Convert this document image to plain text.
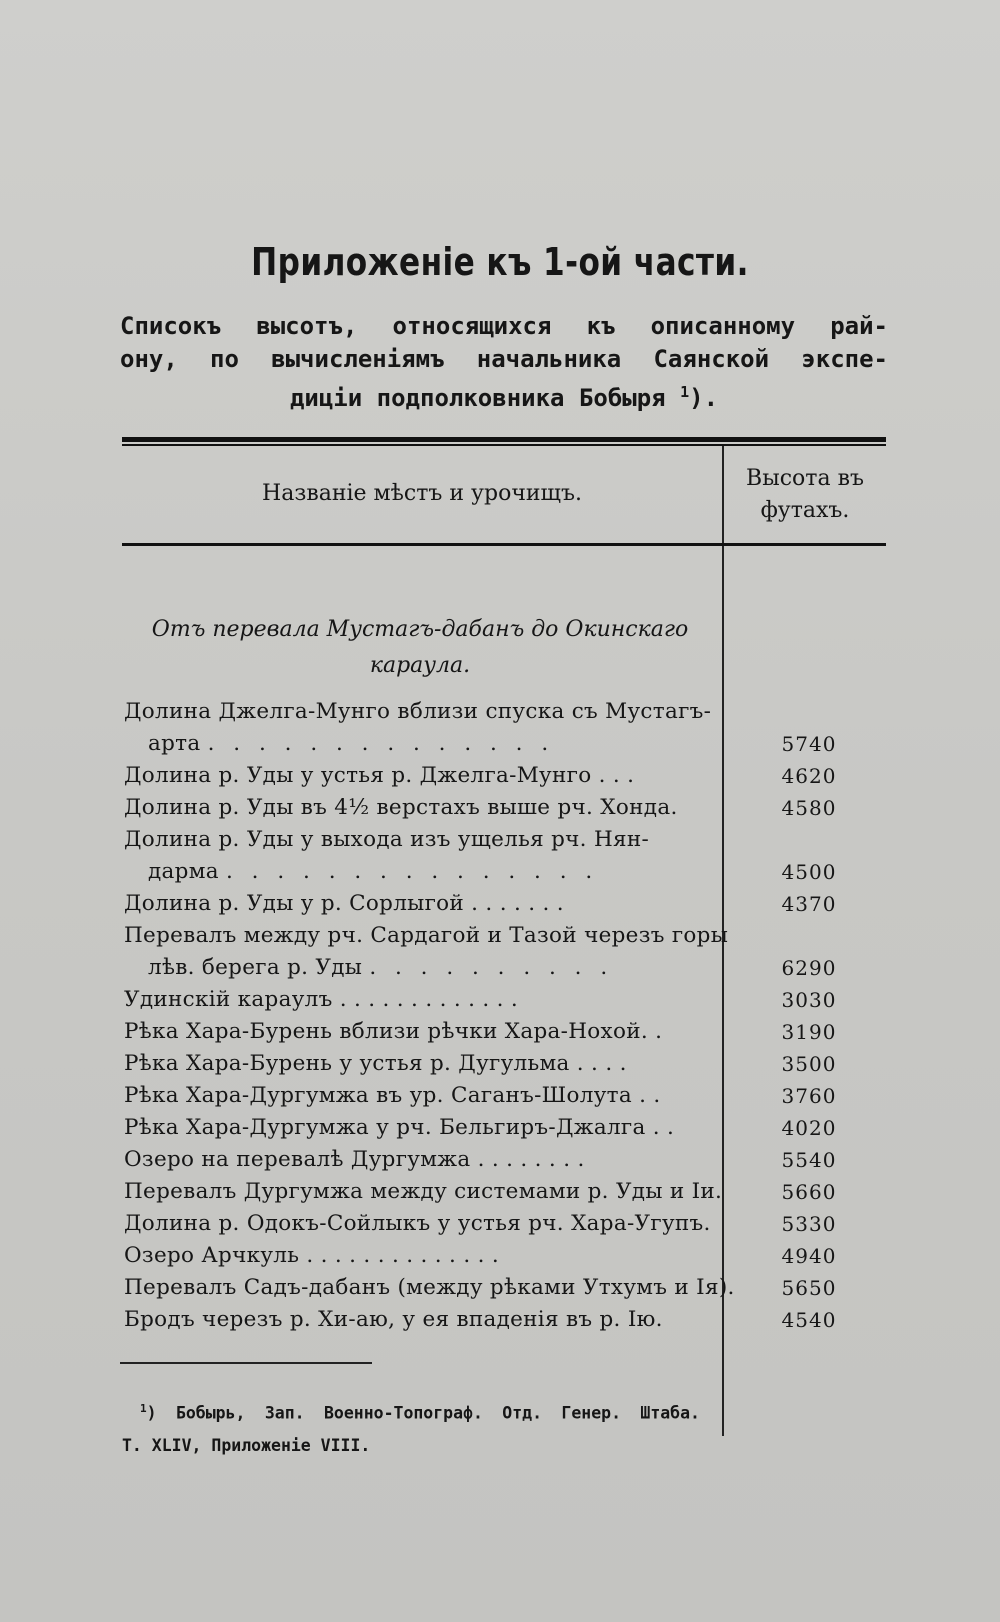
Приложенiе къ 1-ой части.
Списокъ высотъ, относящихся къ описанному рай-
ону, по вычисленiямъ начальника Саянской экспе-
диціи подполковника Бобыря $^1$).
Названiе мѣстъ и урочищъ.
Высота въ
футахъ.
Отъ перевала Мустагъ-дабанъ до Окинскаго
караула.
Долина Джелга-Мунго вблизи спуска съ Мустагъ-
арта . . . . . . . . . . . . . .	5740
Долина р. Уды у устья р. Джелга-Мунго . . .	4620
Долина р. Уды въ 4½ верстахъ выше рч. Хонда.	4580
Долина р. Уды у выхода изъ ущелья рч. Нян-
дарма . . . . . . . . . . . . . . .	4500
Долина р. Уды у р. Сорлыгой . . . . . . .	4370
Перевалъ между рч. Сардагой и Тазой черезъ горы
лѣв. берега р. Уды . . . . . . . . . .	6290
Удинскiй караулъ . . . . . . . . . . . . .	3030
Рѣка Хара-Бурень вблизи рѣчки Хара-Нохой. .	3190
Рѣка Хара-Бурень у устья р. Дугульма . . . .	3500
Рѣка Хара-Дургумжа въ ур. Саганъ-Шолута . .	3760
Рѣка Хара-Дургумжа у рч. Бельгиръ-Джалга . .	4020
Озеро на перевалѣ Дургумжа . . . . . . . .	5540
Перевалъ Дургумжа между системами р. Уды и Iи.	5660
Долина р. Одокъ-Сойлыкъ у устья рч. Хара-Угупъ.	5330
Озеро Арчкуль . . . . . . . . . . . . . .	4940
Перевалъ Садъ-дабанъ (между рѣками Утхумъ и Iя).	5650
Бродъ черезъ р. Хи-аю, у ея впаденiя въ р. Iю.	4540
$^1$) Бобырь, Зап. Военно-Топограф. Отд. Генер. Штаба.
Т. XLIV, Приложенiе VIII.
